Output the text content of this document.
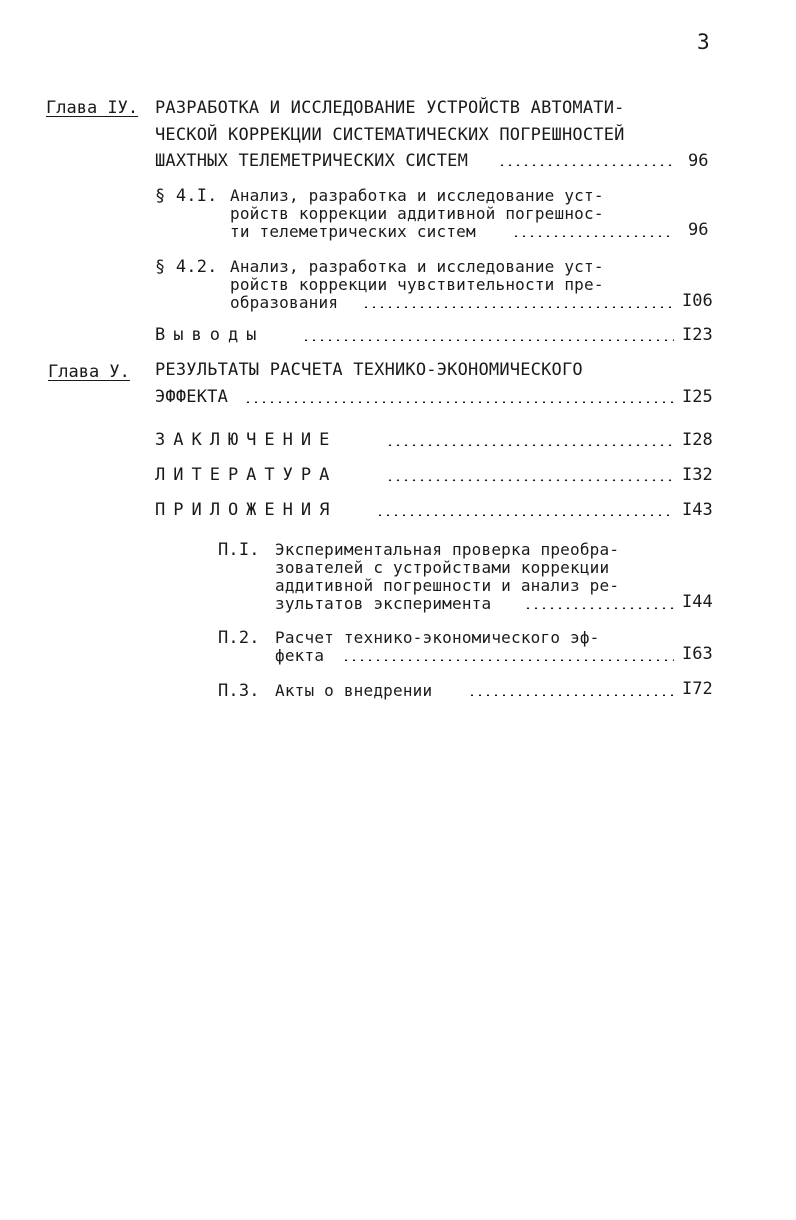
3
Глава IУ. РАЗРАБОТКА И ИССЛЕДОВАНИЕ УСТРОЙСТВ АВТОМАТИ-
ЧЕСКОЙ КОРРЕКЦИИ СИСТЕМАТИЧЕСКИХ ПОГРЕШНОСТЕЙ
ШАХТНЫХ ТЕЛЕМЕТРИЧЕСКИХ СИСТЕМ	96
§ 4.I. Анализ, разработка и исследование уст-
ройств коррекции аддитивной погрешнос-
ти телеметрических систем	96
§ 4.2. Анализ, разработка и исследование уст-
ройств коррекции чувствительности пре-
образования	I06
Выводы	I23
Глава У. РЕЗУЛЬТАТЫ РАСЧЕТА ТЕХНИКО-ЭКОНОМИЧЕСКОГО
ЭФФЕКТА	I25
ЗАКЛЮЧЕНИЕ	I28
ЛИТЕРАТУРА	I32
ПРИЛОЖЕНИЯ	I43
П.I. Экспериментальная проверка преобра-
зователей с устройствами коррекции
аддитивной погрешности и анализ ре-
зультатов эксперимента	I44
П.2. Расчет технико-экономического эф-
фекта	I63
П.3. Акты о внедрении	I72
